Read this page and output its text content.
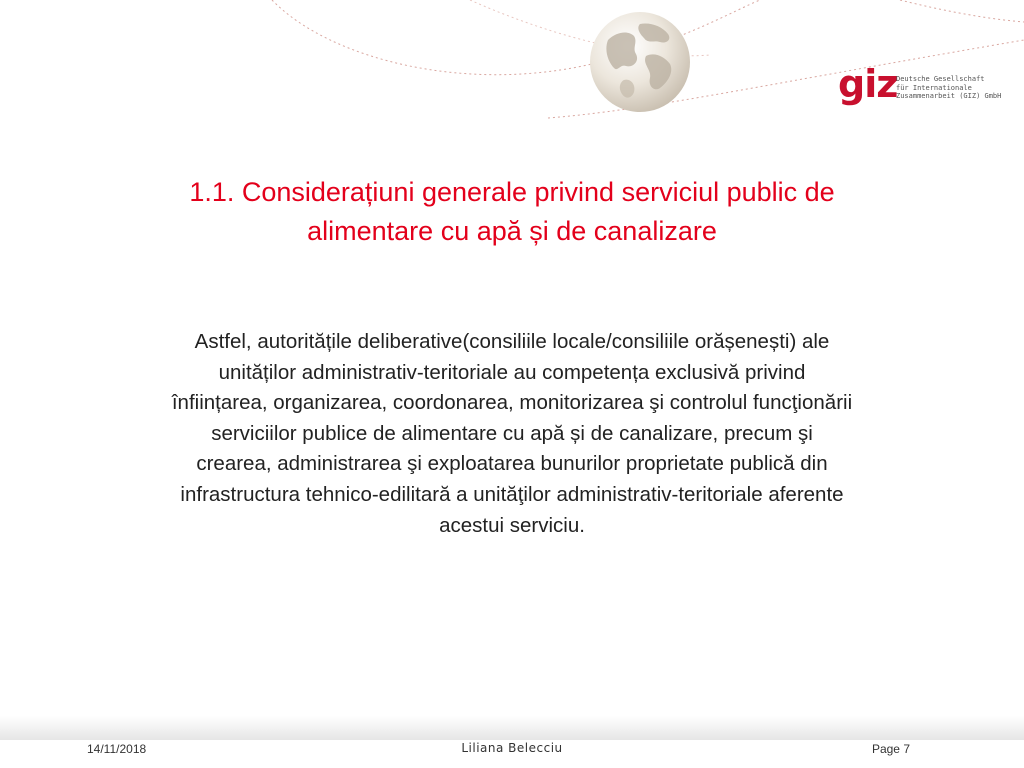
giz
Deutsche Gesellschaft
für Internationale
Zusammenarbeit (GIZ) GmbH
1.1. Considerațiuni generale privind serviciul public de
alimentare cu apă și de canalizare

Astfel, autoritățile deliberative(consiliile locale/consiliile orășenești) ale
unităților administrativ-teritoriale au competența exclusivă privind
înființarea, organizarea, coordonarea, monitorizarea şi controlul funcţionării
serviciilor publice de alimentare cu apă și de canalizare, precum şi
crearea, administrarea şi exploatarea bunurilor proprietate publică din
infrastructura tehnico-edilitară a unităţilor administrativ-teritoriale aferente
acestui serviciu.

14/11/2018	Liliana Belecciu	Page 7
